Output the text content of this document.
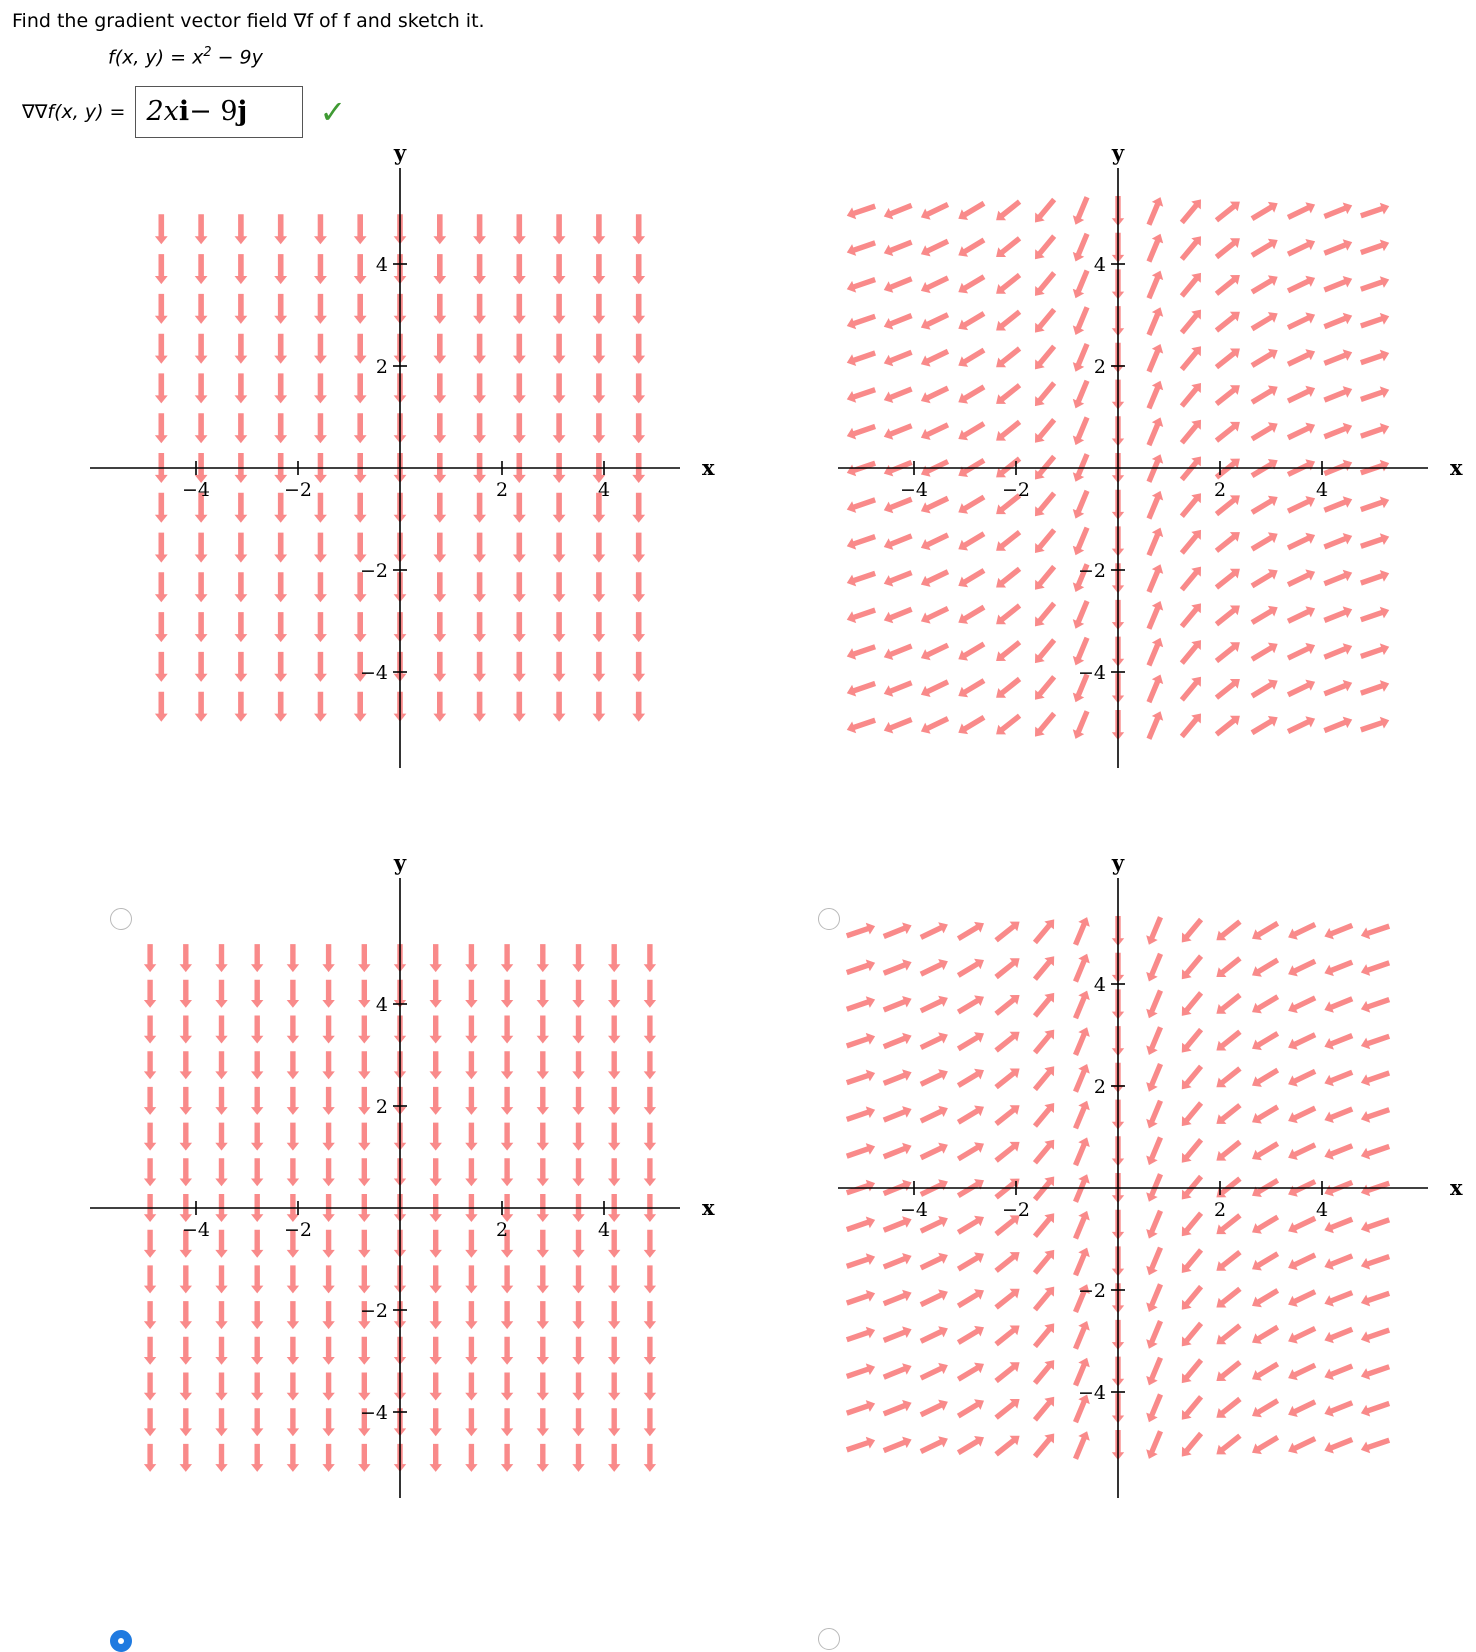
Find the gradient vector field ∇f of f and sketch it.
f(x, $y) = x^2 - 9y$
∇∇f(x, y) = 2x i − 9 j ✓
−4	−2	2	4
4
2
−2
−4
x
y
−4	−2	2	4
4
2
−2
−4
x
y
−4	−2	2	4
4
2
−2
−4
x
y
−4	−2	2	4
4
2
−2
−4
x
y
